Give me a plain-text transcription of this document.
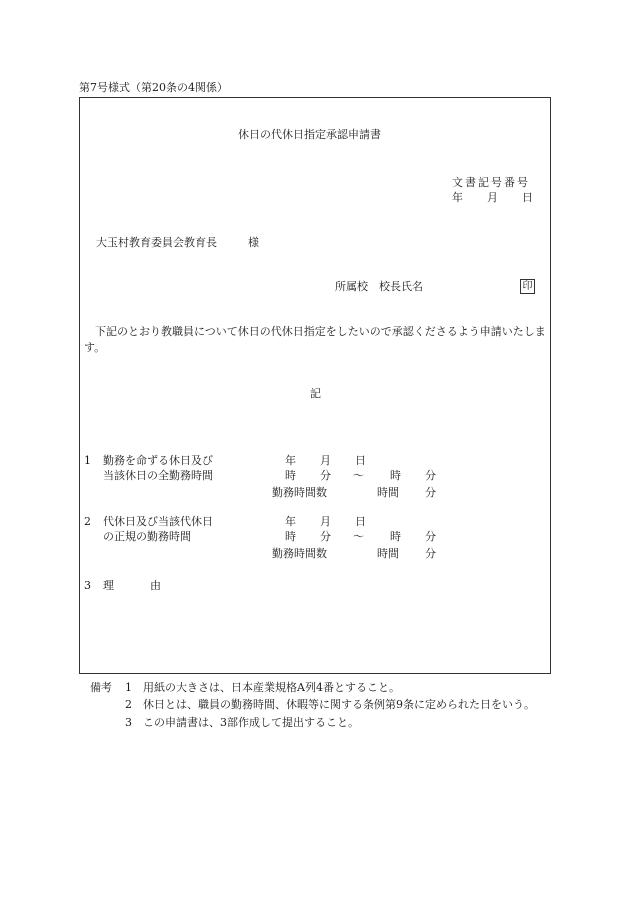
第7号様式（第20条の4関係）
休日の代休日指定承認申請書
文書記号番号
年 月 日
大玉村教育委員会教育長	様
所属校　校長氏名	印
下記のとおり教職員について休日の代休日指定をしたいので承認くださるよう申請いたします。
記
1 勤務を命ずる休日及び
当該休日の全勤務時間
年 月 日
時 分 〜 時 分
勤務時間数	時間 分
2 代休日及び当該代休日
の正規の勤務時間
年 月 日
時 分 〜 時 分
勤務時間数	時間 分
3 理	由
備考 1 用紙の大きさは、日本産業規格A列4番とすること。
2 休日とは、職員の勤務時間、休暇等に関する条例第9条に定められた日をいう。
3 この申請書は、3部作成して提出すること。
